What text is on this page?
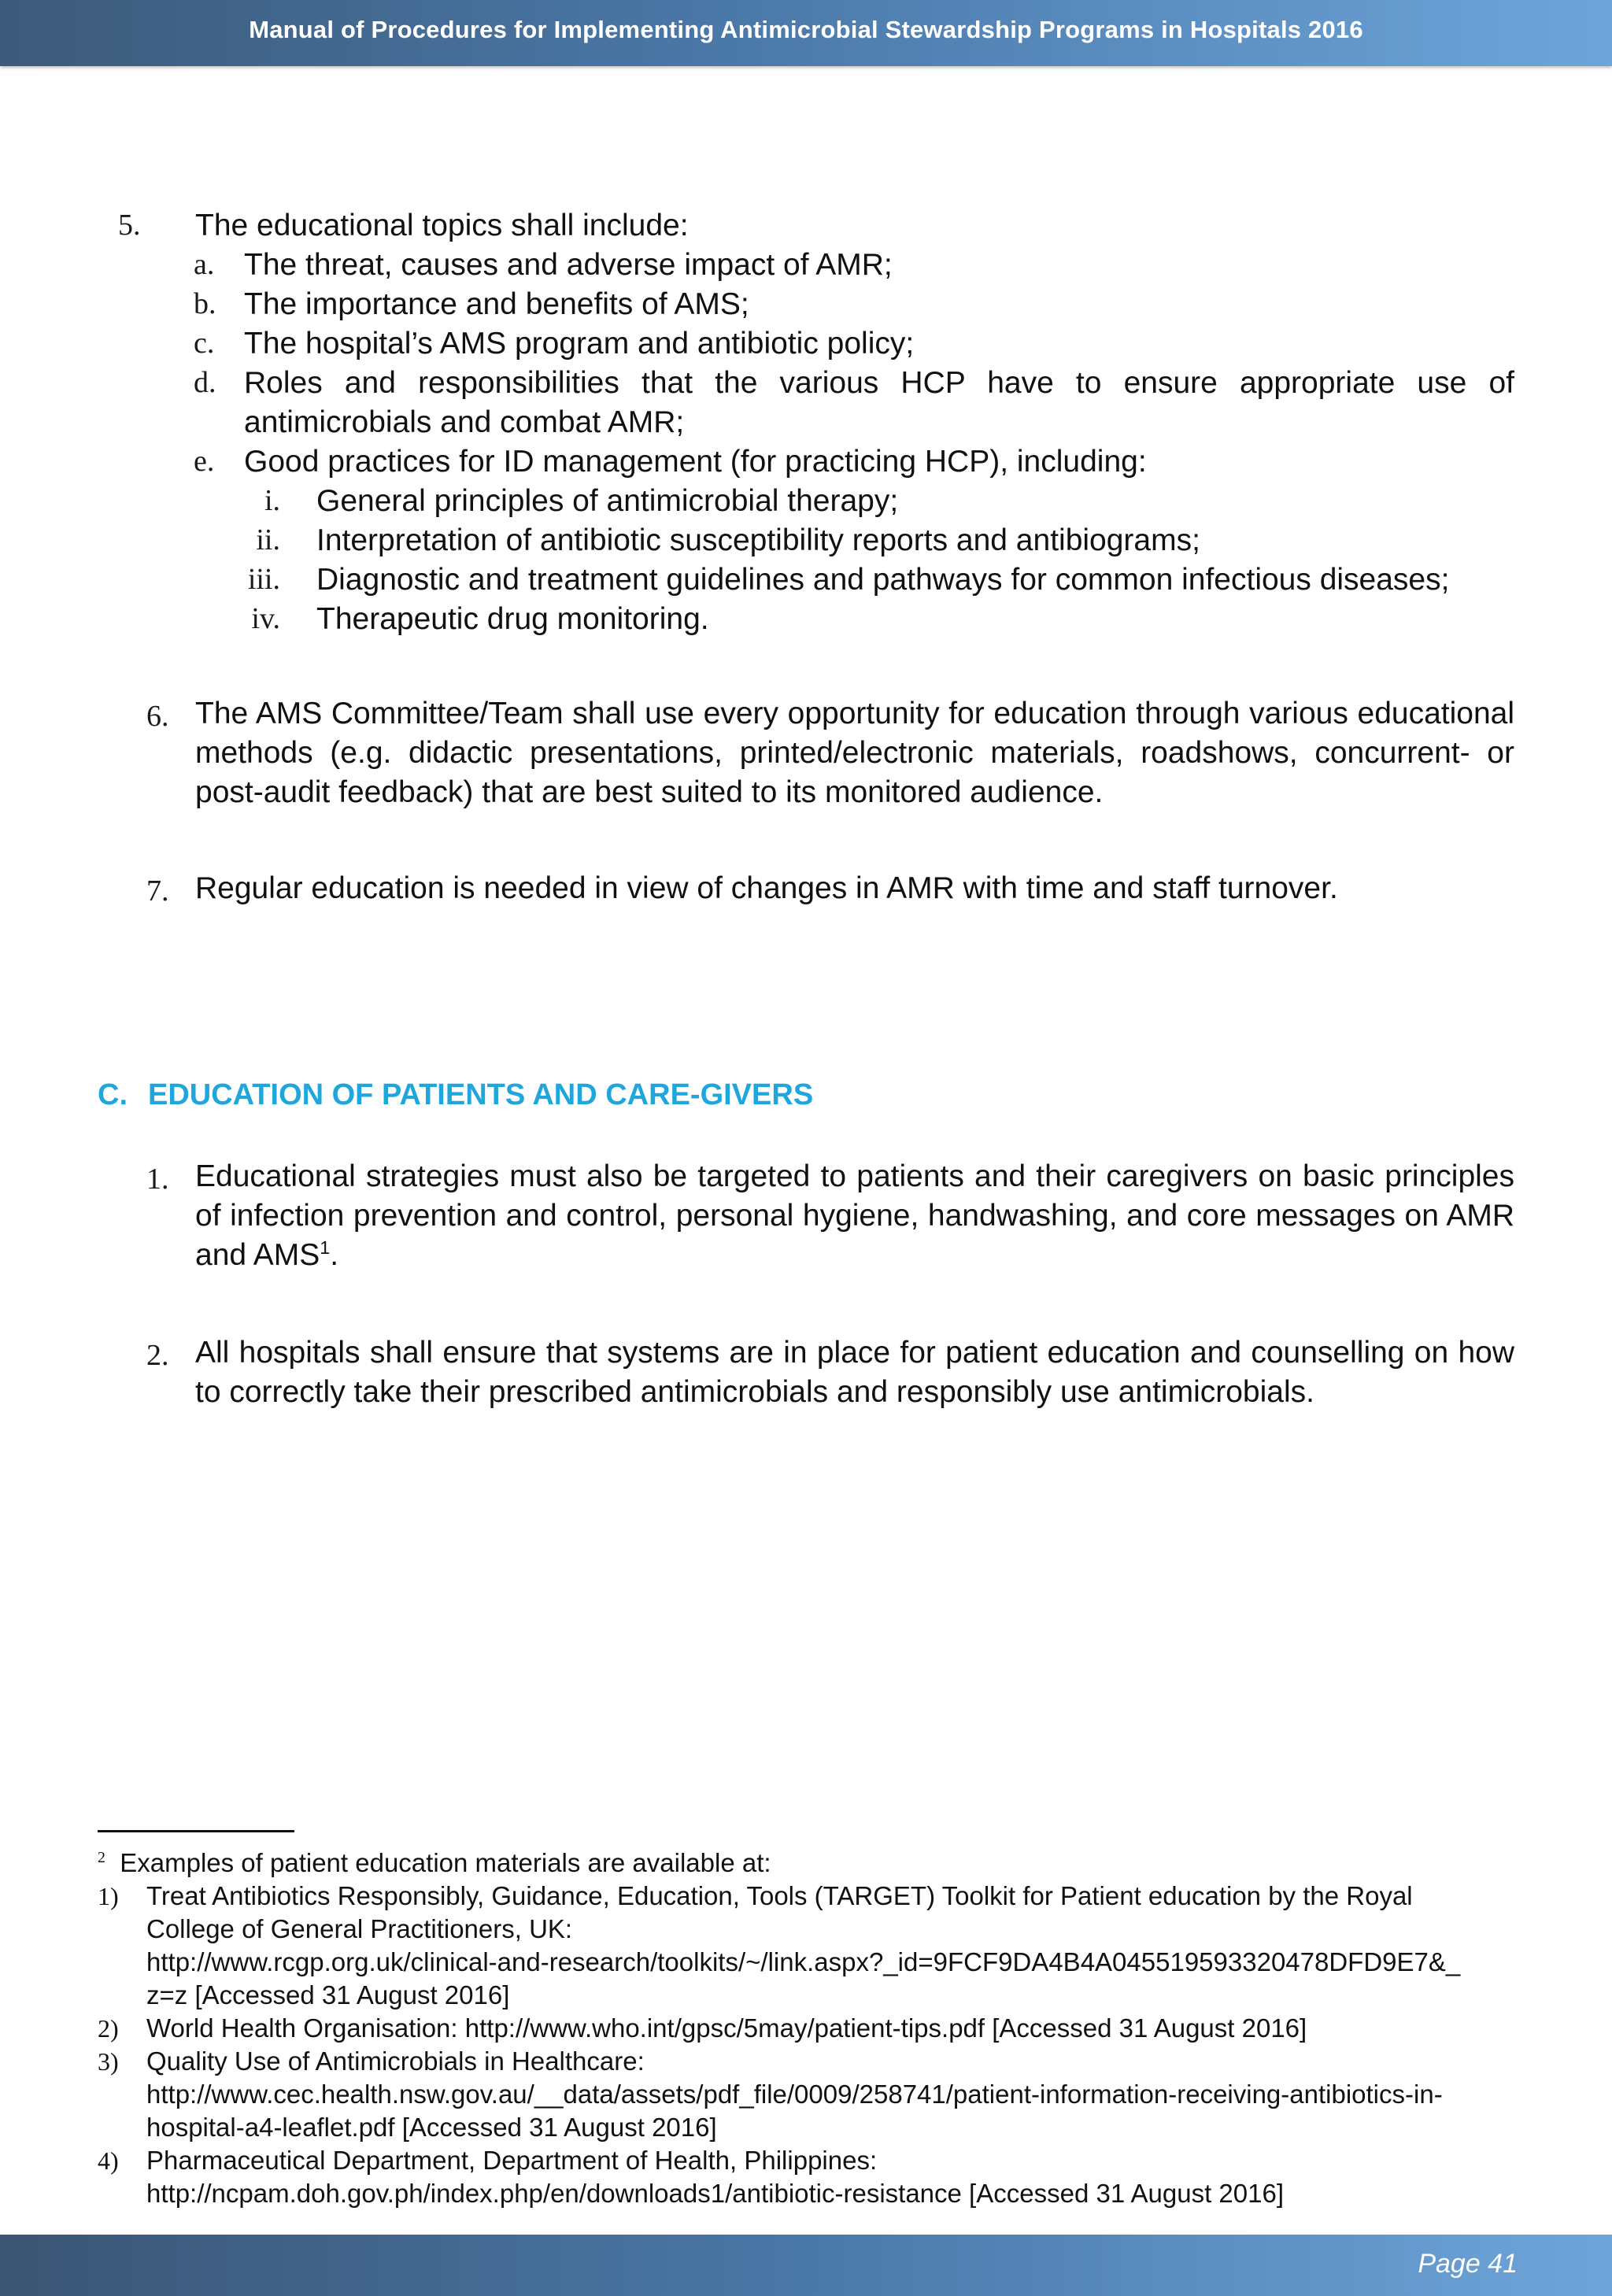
Manual of Procedures for Implementing Antimicrobial Stewardship Programs in Hospitals 2016
5.	The educational topics shall include:
a. The threat, causes and adverse impact of AMR;
b. The importance and benefits of AMS;
c. The hospital’s AMS program and antibiotic policy;
d. Roles and responsibilities that the various HCP have to ensure appropriate use of antimicrobials and combat AMR;
e. Good practices for ID management (for practicing HCP), including:
i. General principles of antimicrobial therapy;
ii. Interpretation of antibiotic susceptibility reports and antibiograms;
iii. Diagnostic and treatment guidelines and pathways for common infectious diseases;
iv. Therapeutic drug monitoring.
6. The AMS Committee/Team shall use every opportunity for education through various educational methods (e.g. didactic presentations, printed/electronic materials, roadshows, concurrent- or post-audit feedback) that are best suited to its monitored audience.
7. Regular education is needed in view of changes in AMR with time and staff turnover.
C. EDUCATION OF PATIENTS AND CARE-GIVERS
1. Educational strategies must also be targeted to patients and their caregivers on basic principles of infection prevention and control, personal hygiene, handwashing, and core messages on AMR and AMS$^1$.
2. All hospitals shall ensure that systems are in place for patient education and counselling on how to correctly take their prescribed antimicrobials and responsibly use antimicrobials.
$^2$ Examples of patient education materials are available at:
1) Treat Antibiotics Responsibly, Guidance, Education, Tools (TARGET) Toolkit for Patient education by the Royal
College of General Practitioners, UK:
http://www.rcgp.org.uk/clinical-and-research/toolkits/~/link.aspx?_id=9FCF9DA4B4A045519593320478DFD9E7&_
z=z [Accessed 31 August 2016]
2) World Health Organisation: http://www.who.int/gpsc/5may/patient-tips.pdf [Accessed 31 August 2016]
3) Quality Use of Antimicrobials in Healthcare:
http://www.cec.health.nsw.gov.au/__data/assets/pdf_file/0009/258741/patient-information-receiving-antibiotics-in-
hospital-a4-leaflet.pdf [Accessed 31 August 2016]
4) Pharmaceutical Department, Department of Health, Philippines:
http://ncpam.doh.gov.ph/index.php/en/downloads1/antibiotic-resistance [Accessed 31 August 2016]
Page 41
